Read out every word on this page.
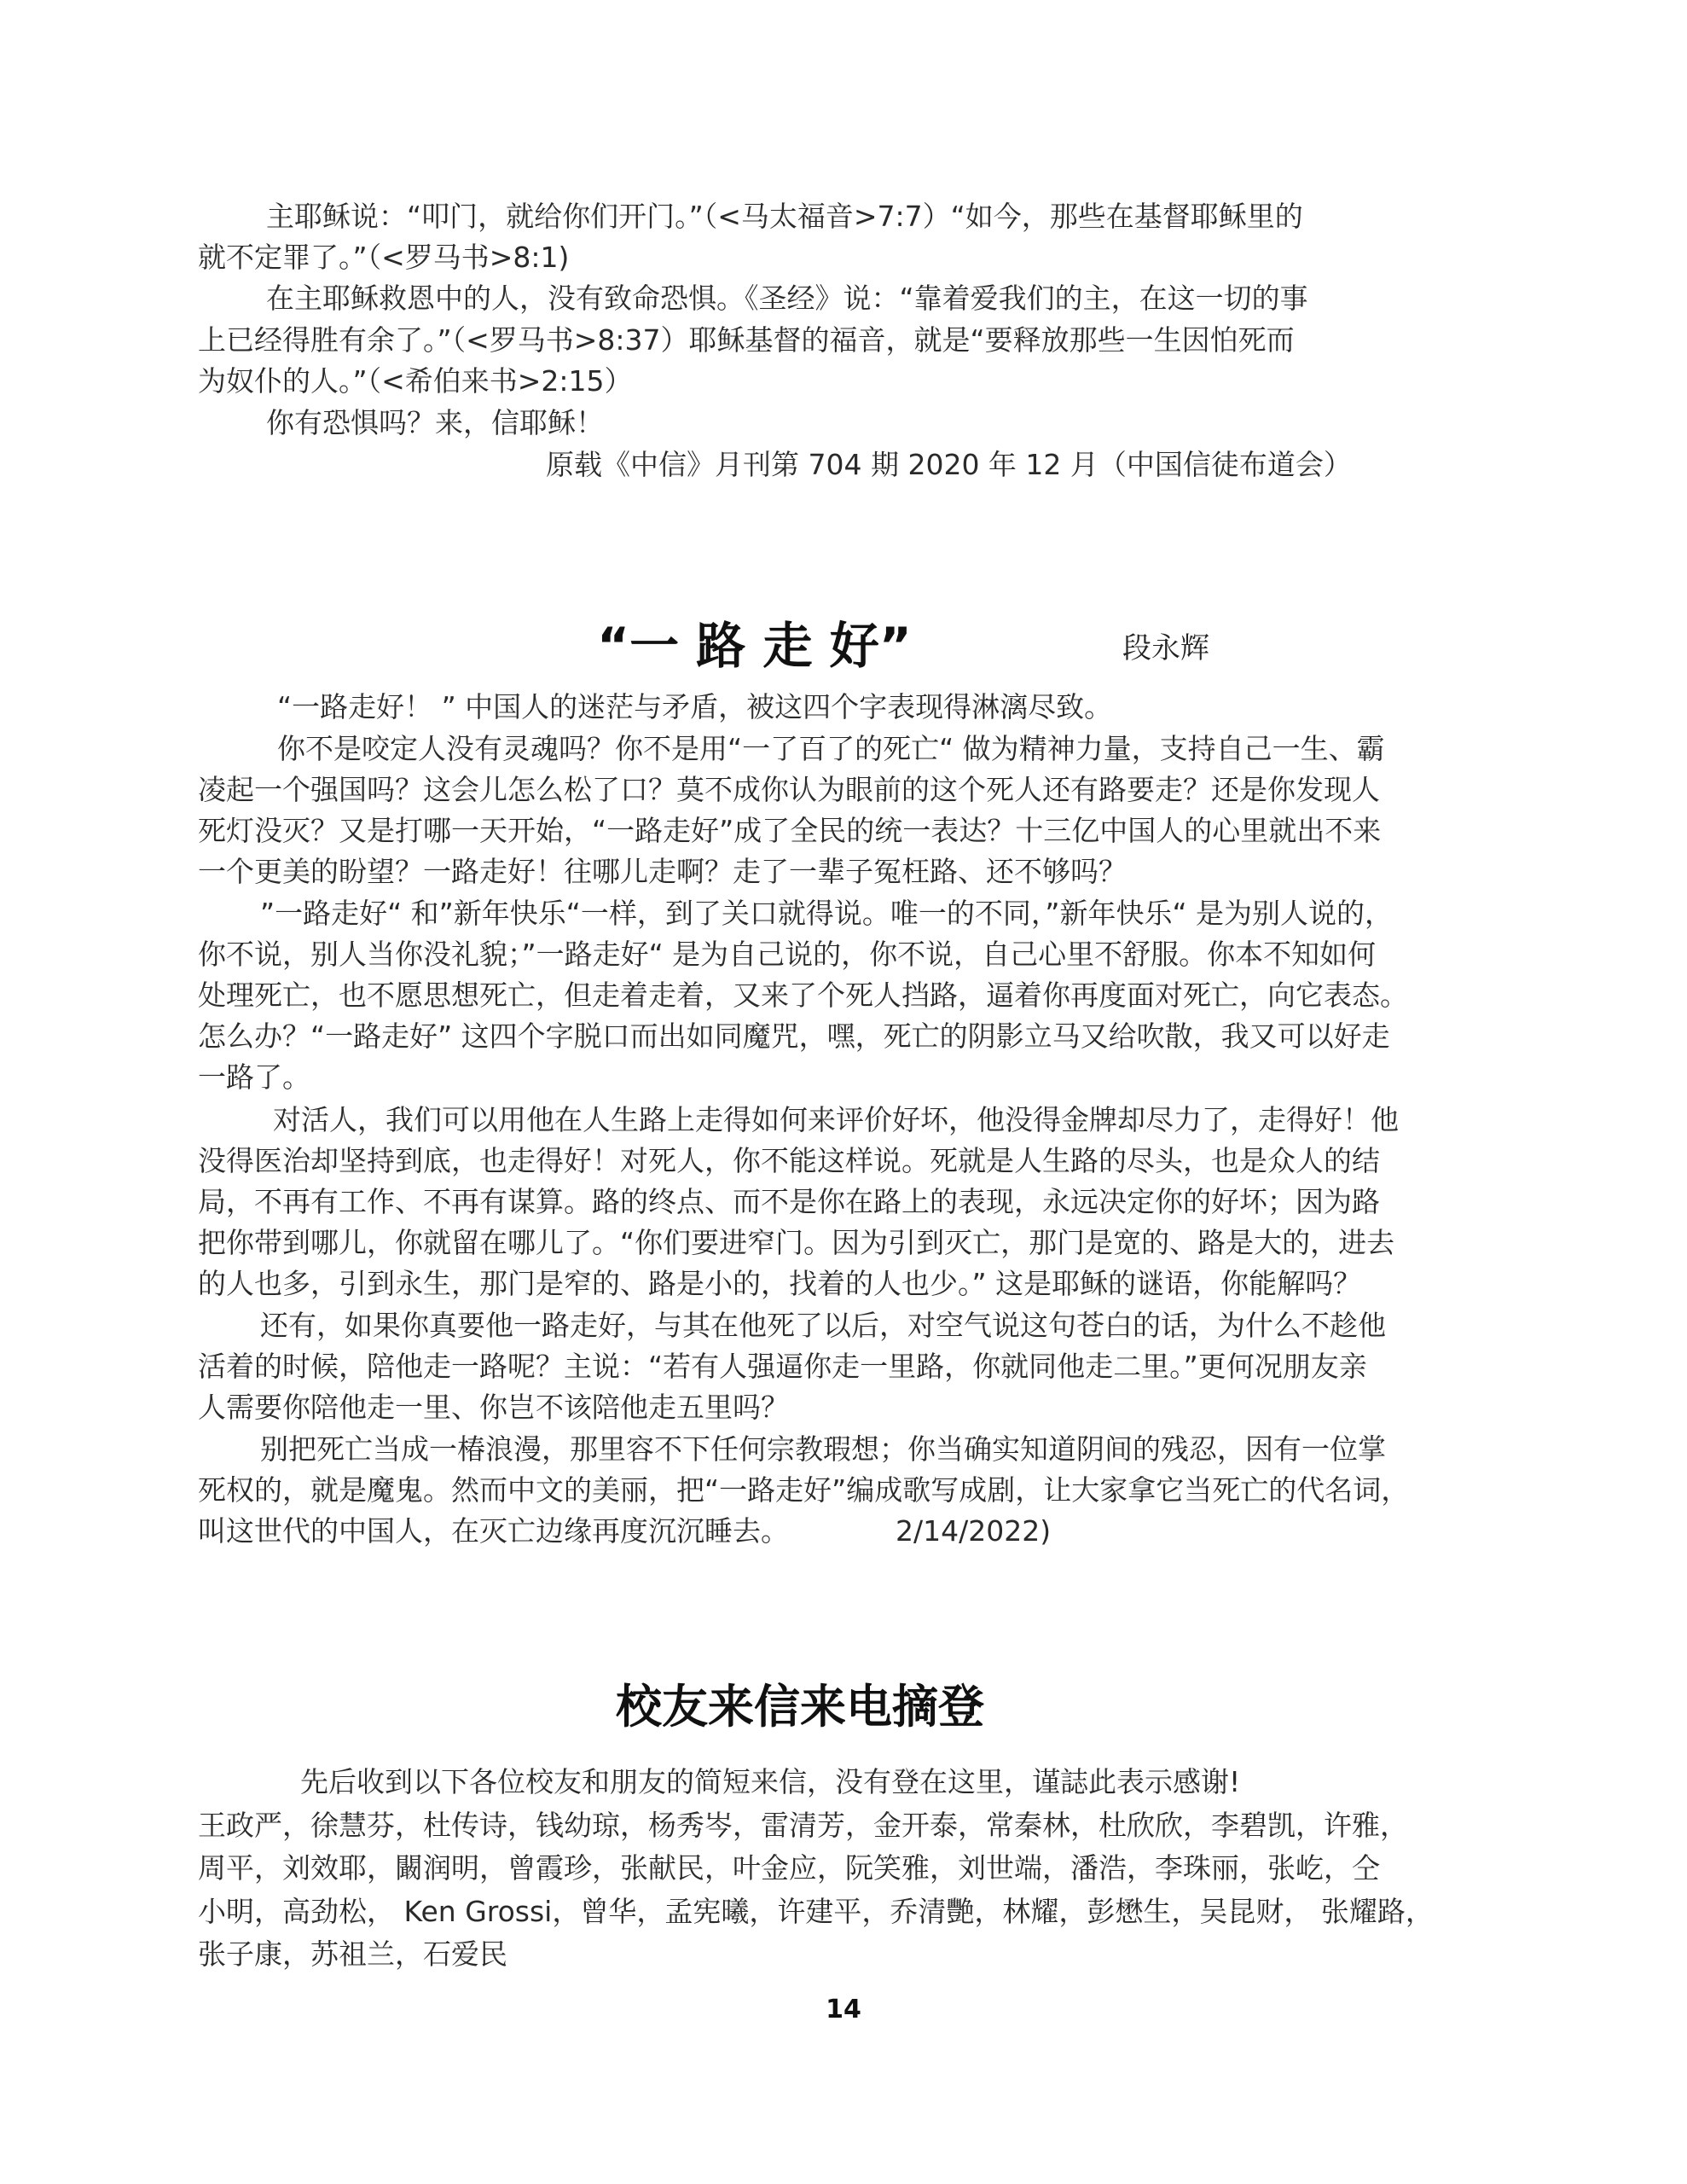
主耶稣说：“叩门，就给你们开门。”（<马太福音>7:7）“如今，那些在基督耶稣里的
就不定罪了。”（<罗马书>8:1)
在主耶稣救恩中的人，没有致命恐惧。《圣经》说：“靠着爱我们的主，在这一切的事
上已经得胜有余了。”（<罗马书>8:37）耶稣基督的福音，就是“要释放那些一生因怕死而
为奴仆的人。”（<希伯来书>2:15）
你有恐惧吗？来，信耶稣！
原载《中信》月刊第 704 期 2020 年 12 月（中国信徒布道会）
“一 路 走 好”	段永辉
“一路走好！ ” 中国人的迷茫与矛盾，被这四个字表现得淋漓尽致。
你不是咬定人没有灵魂吗？你不是用“一了百了的死亡“ 做为精神力量，支持自己一生、霸
凌起一个强国吗？这会儿怎么松了口？莫不成你认为眼前的这个死人还有路要走？还是你发现人
死灯没灭？又是打哪一天开始，“一路走好”成了全民的统一表达？十三亿中国人的心里就出不来
一个更美的盼望？一路走好！往哪儿走啊？走了一辈子冤枉路、还不够吗？
”一路走好“ 和”新年快乐“一样，到了关口就得说。唯一的不同，”新年快乐“ 是为别人说的，
你不说，别人当你没礼貌；”一路走好“ 是为自己说的，你不说，自己心里不舒服。你本不知如何
处理死亡，也不愿思想死亡，但走着走着，又来了个死人挡路，逼着你再度面对死亡，向它表态。
怎么办？“一路走好” 这四个字脱口而出如同魔咒，嘿，死亡的阴影立马又给吹散，我又可以好走
一路了。
对活人，我们可以用他在人生路上走得如何来评价好坏，他没得金牌却尽力了，走得好！他
没得医治却坚持到底，也走得好！对死人，你不能这样说。死就是人生路的尽头，也是众人的结
局，不再有工作、不再有谋算。路的终点、而不是你在路上的表现，永远决定你的好坏；因为路
把你带到哪儿，你就留在哪儿了。“你们要进窄门。因为引到灭亡，那门是宽的、路是大的，进去
的人也多，引到永生，那门是窄的、路是小的，找着的人也少。” 这是耶稣的谜语，你能解吗？
还有，如果你真要他一路走好，与其在他死了以后，对空气说这句苍白的话，为什么不趁他
活着的时候，陪他走一路呢？主说：“若有人强逼你走一里路，你就同他走二里。”更何况朋友亲
人需要你陪他走一里、你岂不该陪他走五里吗？
别把死亡当成一椿浪漫，那里容不下任何宗教瑕想；你当确实知道阴间的残忍，因有一位掌
死权的，就是魔鬼。然而中文的美丽，把“一路走好”编成歌写成剧，让大家拿它当死亡的代名词，
叫这世代的中国人，在灭亡边缘再度沉沉睡去。	2/14/2022)
校友来信来电摘登
先后收到以下各位校友和朋友的简短来信，没有登在这里，谨誌此表示感谢!
王政严，徐慧芬，杜传诗，钱幼琼，杨秀岑，雷清芳，金开泰，常秦林，杜欣欣，李碧凯，许雅，
周平，刘效耶，闞润明，曾霞珍，张献民，叶金应，阮笑雅，刘世端，潘浩，李珠丽，张屹，仝
小明，高劲松， Ken Grossi，曾华，孟宪曦，许建平，乔清艷，林耀，彭懋生，吴昆财， 张耀路，
张子康，苏祖兰，石爱民
14
